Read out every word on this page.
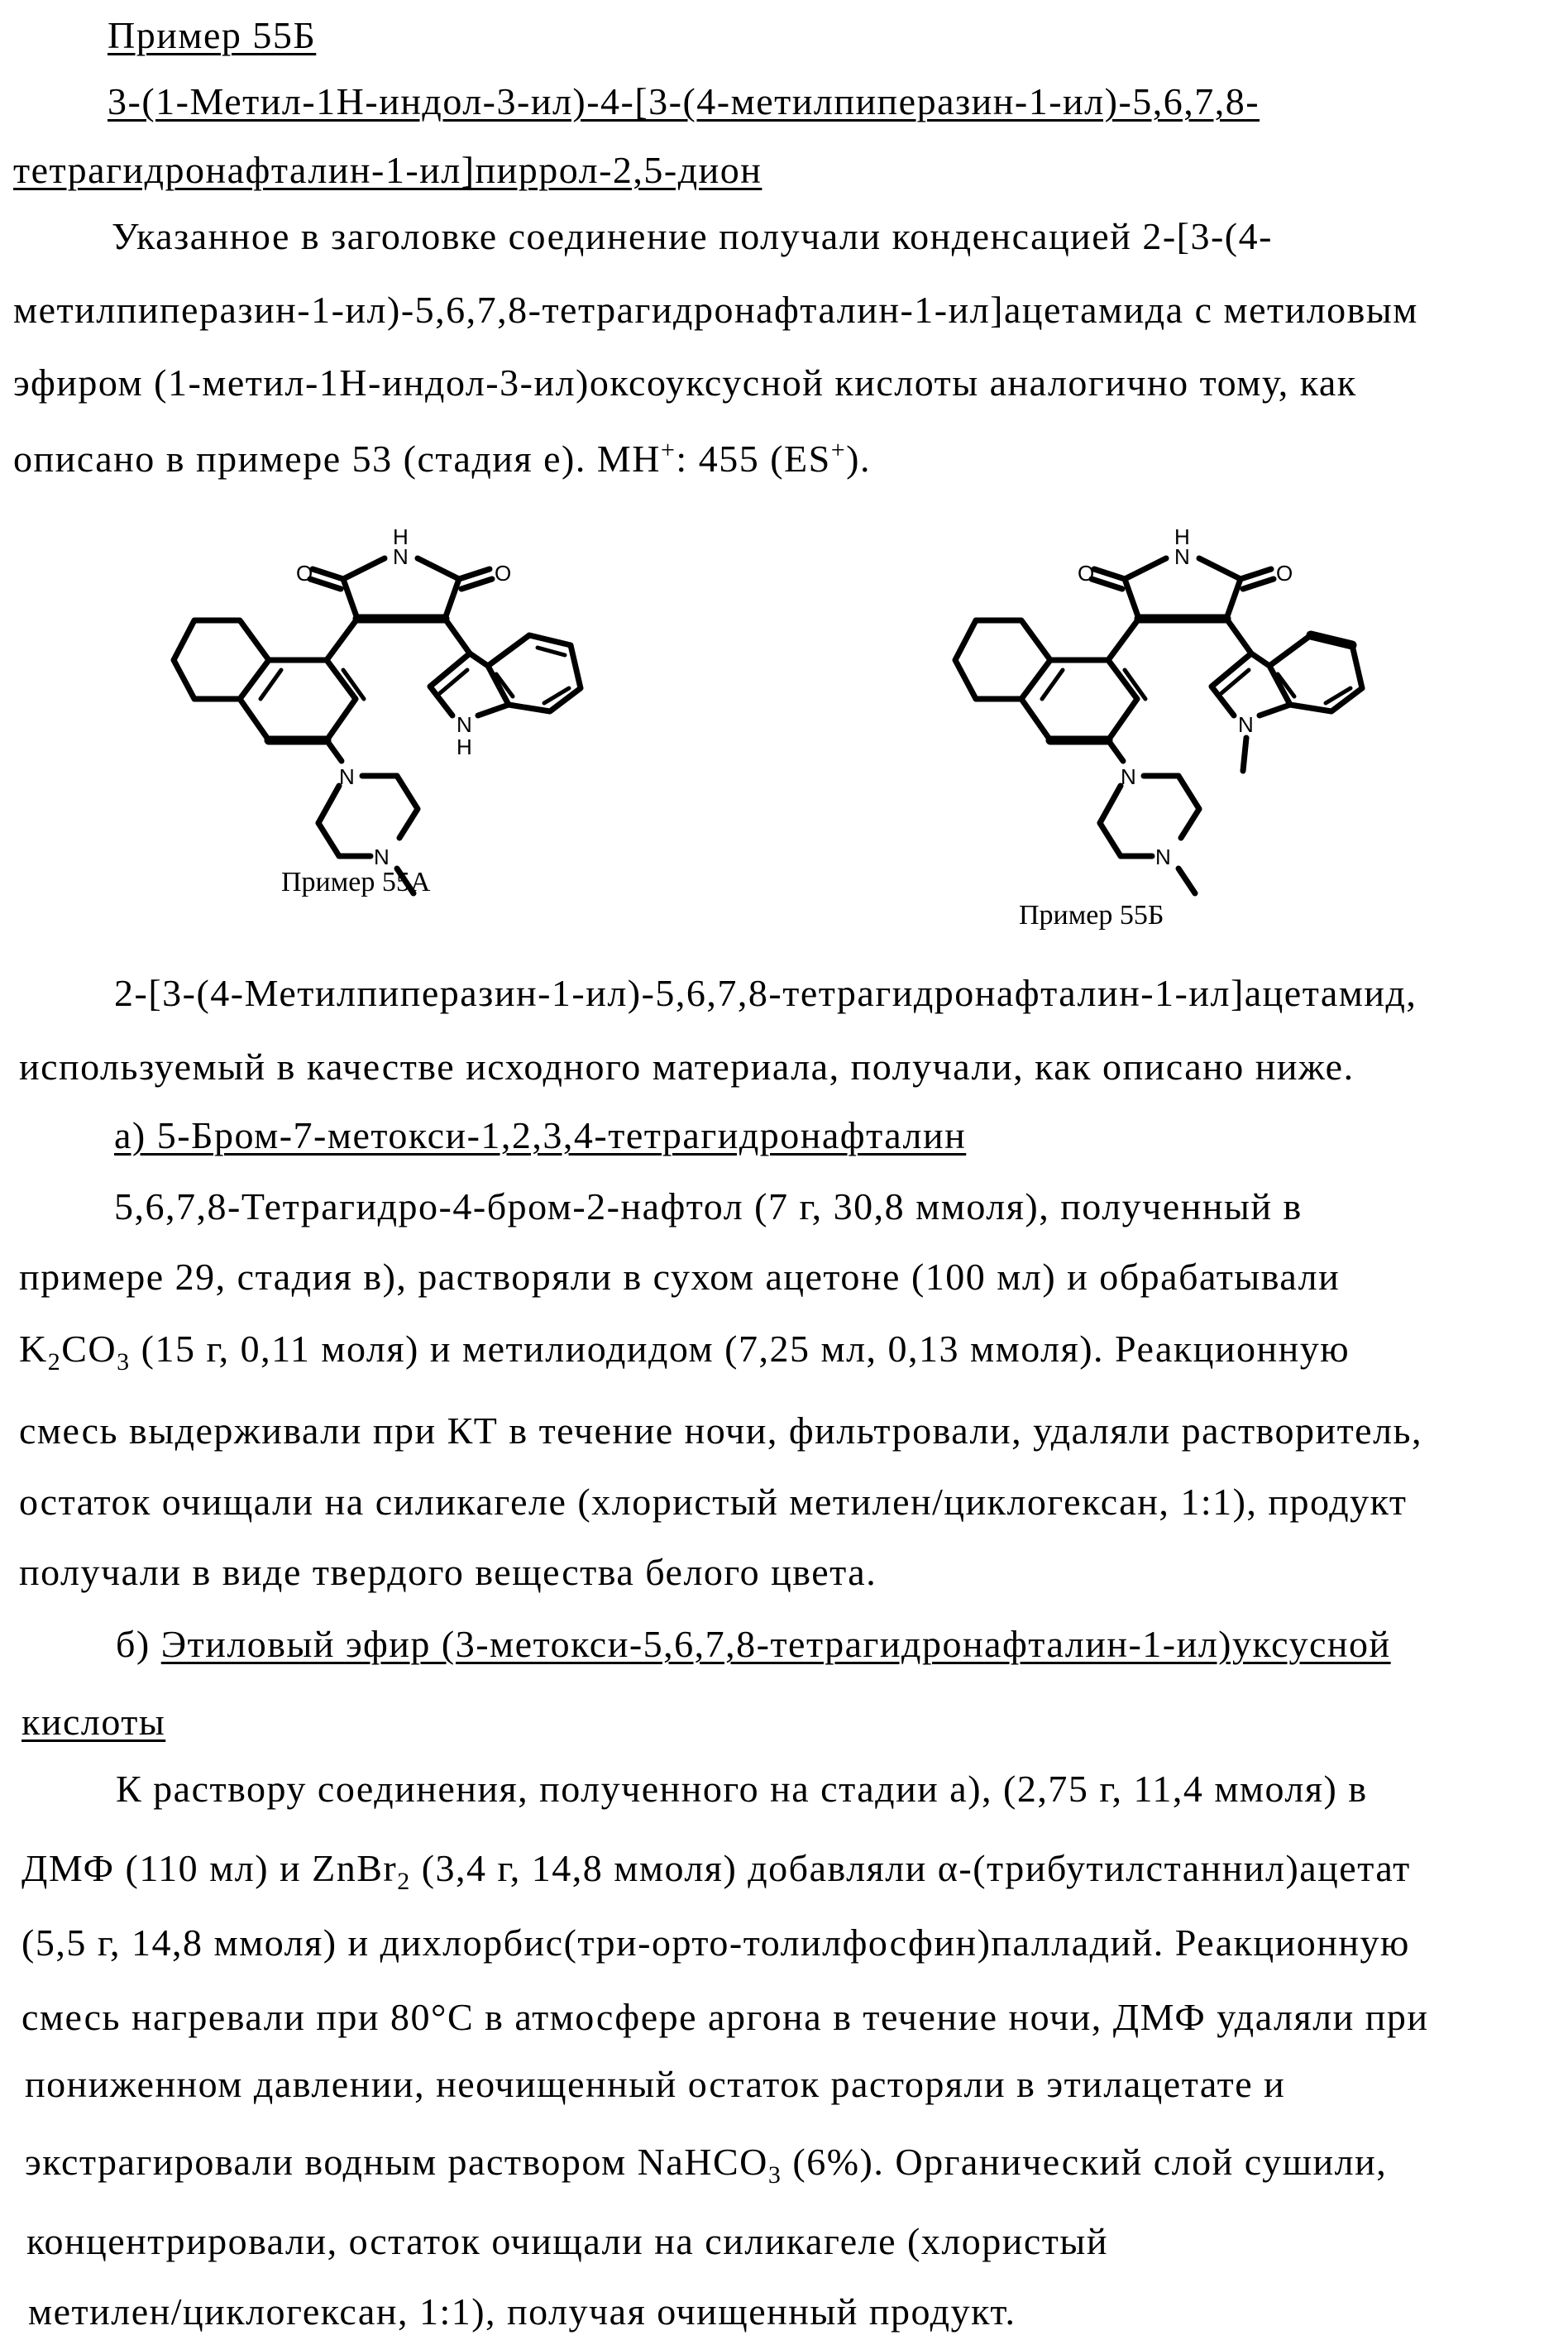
Пример 55Б
3-(1-Метил-1Н-индол-3-ил)-4-[3-(4-метилпиперазин-1-ил)-5,6,7,8-
тетрагидронафталин-1-ил]пиррол-2,5-дион
Указанное в заголовке соединение получали конденсацией 2-[3-(4-
метилпиперазин-1-ил)-5,6,7,8-тетрагидронафталин-1-ил]ацетамида с метиловым
эфиром (1-метил-1Н-индол-3-ил)оксоуксусной кислоты аналогично тому, как
описано в примере 53 (стадия е). МН+: 455 (ES+).
O	O
N
H
N
N
N
H
Пример 55А
O	O
N
H
N
N
N
Пример 55Б
2-[3-(4-Метилпиперазин-1-ил)-5,6,7,8-тетрагидронафталин-1-ил]ацетамид,
используемый в качестве исходного материала, получали, как описано ниже.
а) 5-Бром-7-метокси-1,2,3,4-тетрагидронафталин
5,6,7,8-Тетрагидро-4-бром-2-нафтол (7 г, 30,8 ммоля), полученный в
примере 29, стадия в), растворяли в сухом ацетоне (100 мл) и обрабатывали
K2CO3 (15 г, 0,11 моля) и метилиодидом (7,25 мл, 0,13 ммоля). Реакционную
смесь выдерживали при КТ в течение ночи, фильтровали, удаляли растворитель,
остаток очищали на силикагеле (хлористый метилен/циклогексан, 1:1), продукт
получали в виде твердого вещества белого цвета.
б) Этиловый эфир (3-метокси-5,6,7,8-тетрагидронафталин-1-ил)уксусной
кислоты
К раствору соединения, полученного на стадии а), (2,75 г, 11,4 ммоля) в
ДМФ (110 мл) и ZnBr2 (3,4 г, 14,8 ммоля) добавляли α-(трибутилстаннил)ацетат
(5,5 г, 14,8 ммоля) и дихлорбис(три-орто-толилфосфин)палладий. Реакционную
смесь нагревали при 80°C в атмосфере аргона в течение ночи, ДМФ удаляли при
пониженном давлении, неочищенный остаток расторяли в этилацетате и
экстрагировали водным раствором NaHCO3 (6%). Органический слой сушили,
концентрировали, остаток очищали на силикагеле (хлористый
метилен/циклогексан, 1:1), получая очищенный продукт.
